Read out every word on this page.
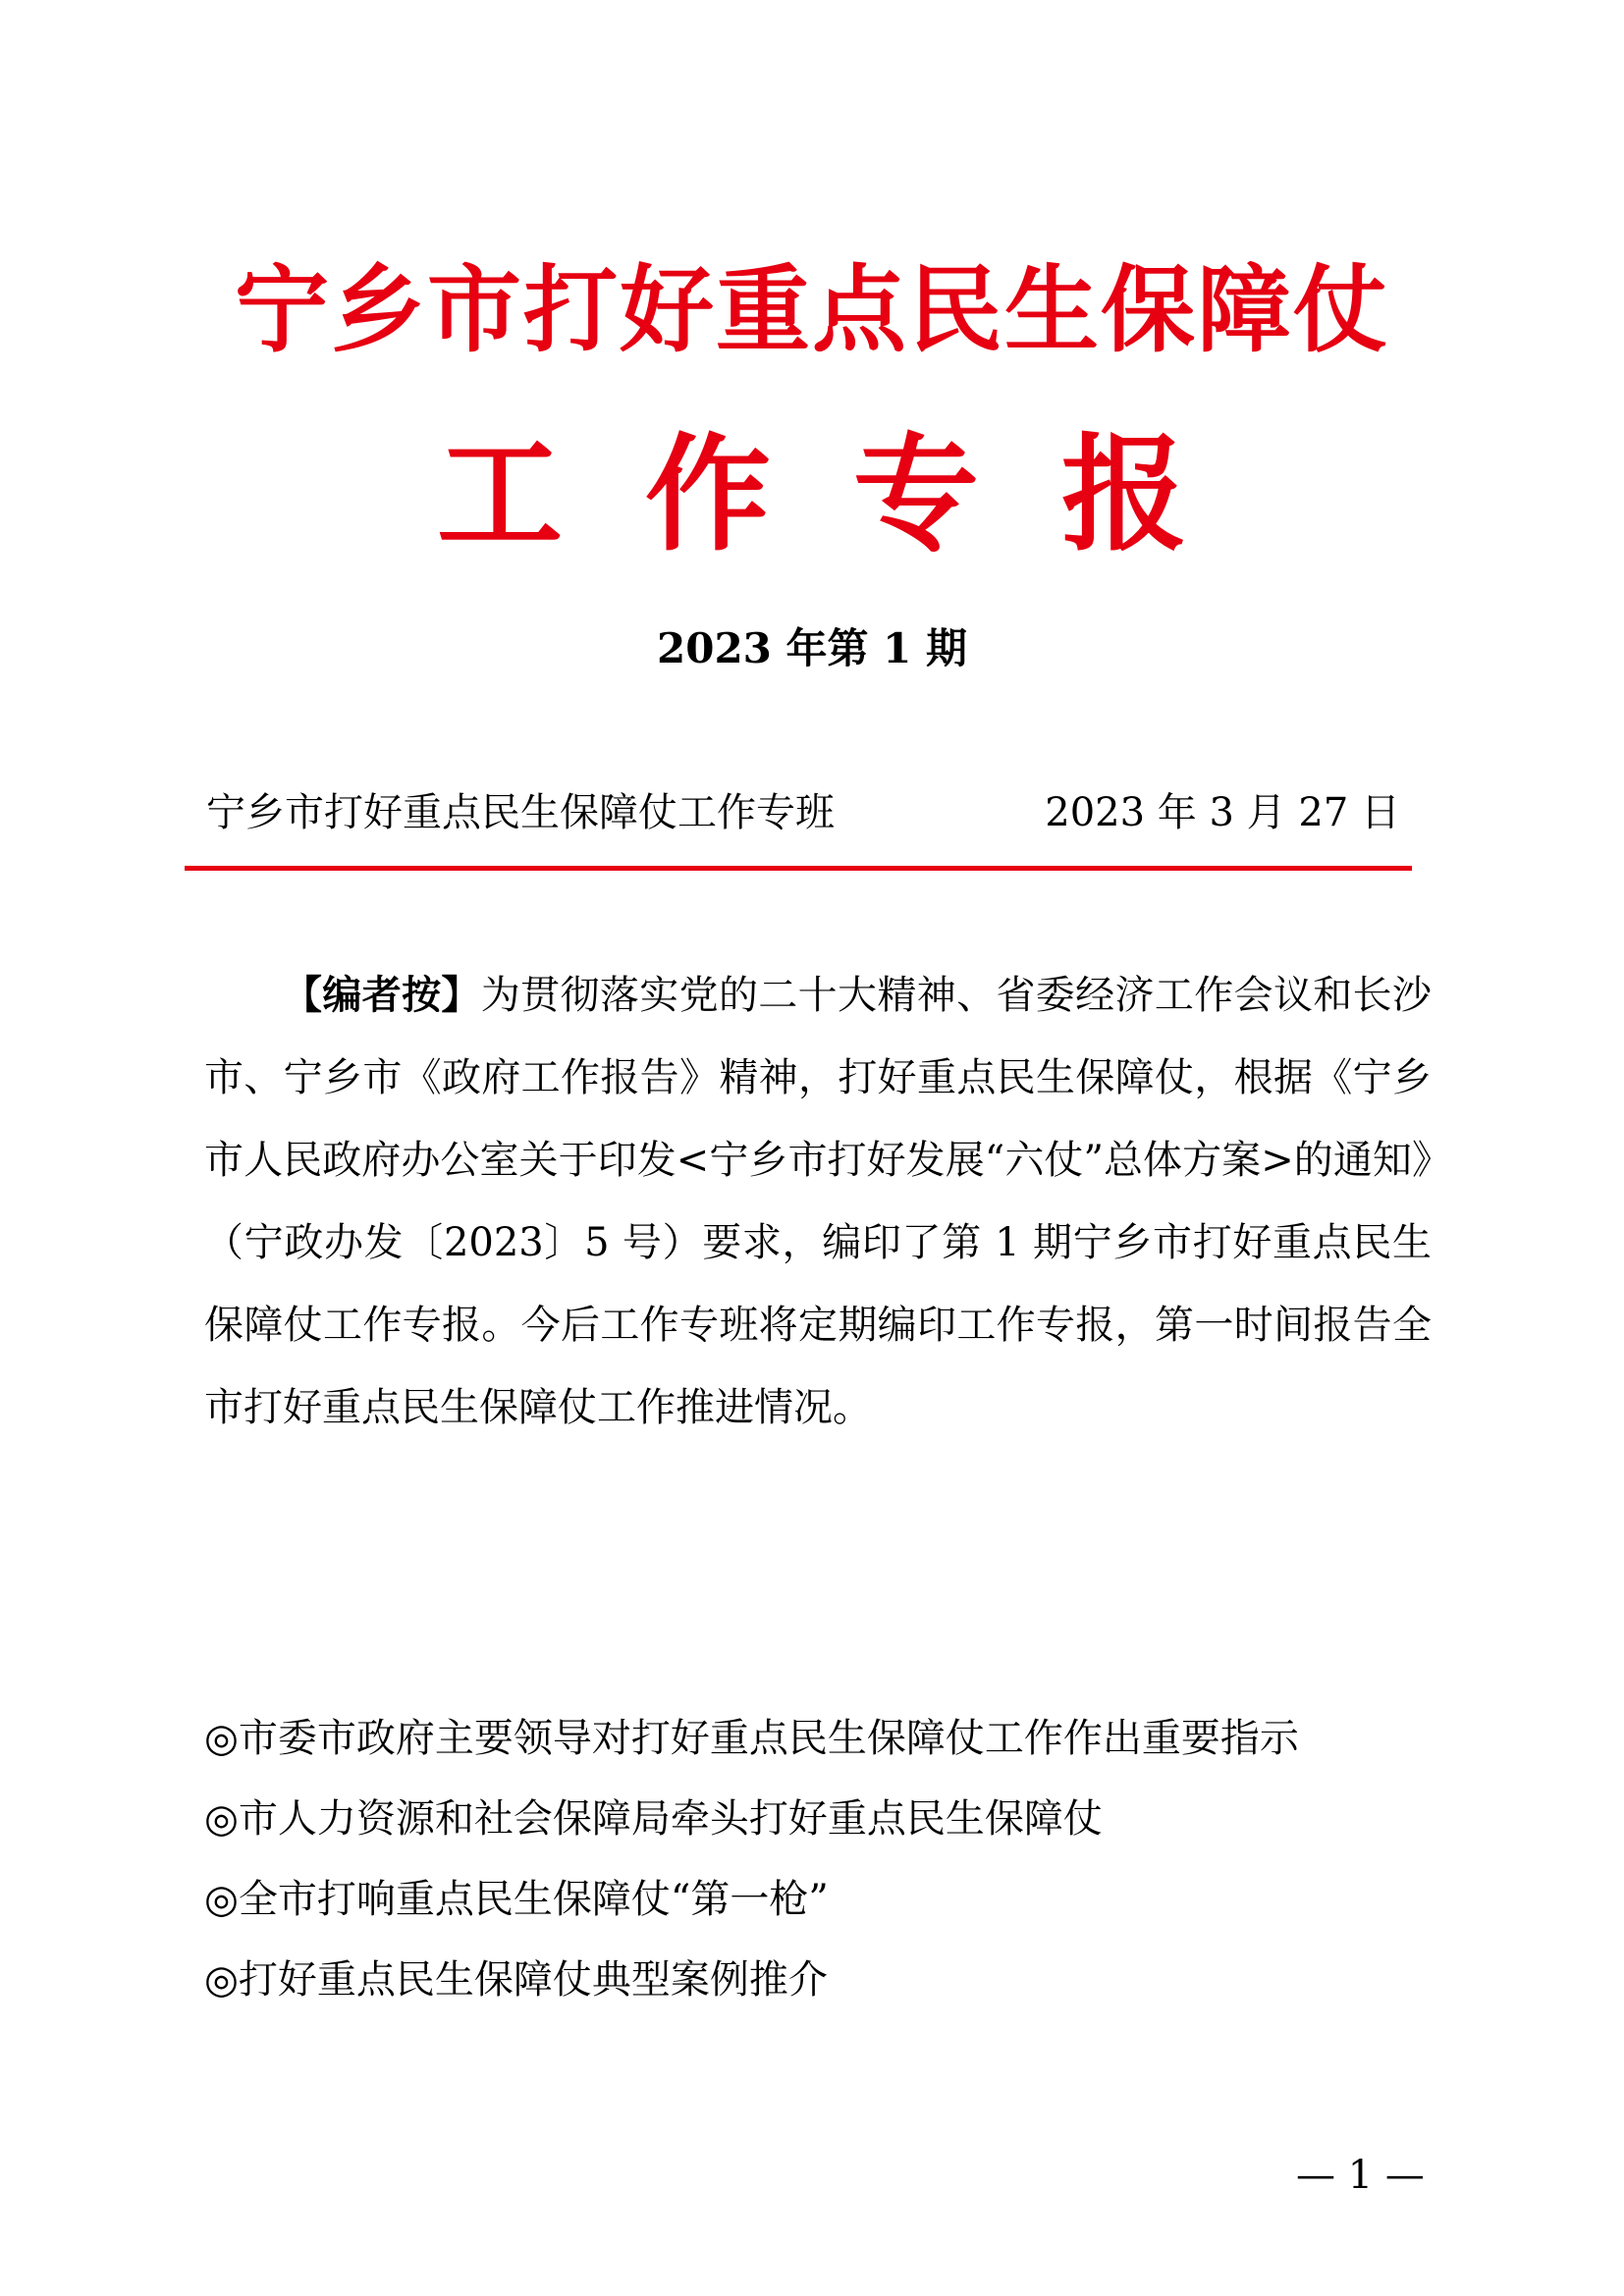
宁乡市打好重点民生保障仗
工 作 专 报
2023 年第 1 期
宁乡市打好重点民生保障仗工作专班	2023 年 3 月 27 日

【编者按】为贯彻落实党的二十大精神、省委经济工作会议和长沙市、宁乡市《政府工作报告》精神，打好重点民生保障仗，根据《宁乡市人民政府办公室关于印发<宁乡市打好发展“六仗”总体方案>的通知》（宁政办发〔2023〕5 号）要求，编印了第 1 期宁乡市打好重点民生保障仗工作专报。今后工作专班将定期编印工作专报，第一时间报告全市打好重点民生保障仗工作推进情况。

◎市委市政府主要领导对打好重点民生保障仗工作作出重要指示
◎市人力资源和社会保障局牵头打好重点民生保障仗
◎全市打响重点民生保障仗“第一枪”
◎打好重点民生保障仗典型案例推介
— 1 —
